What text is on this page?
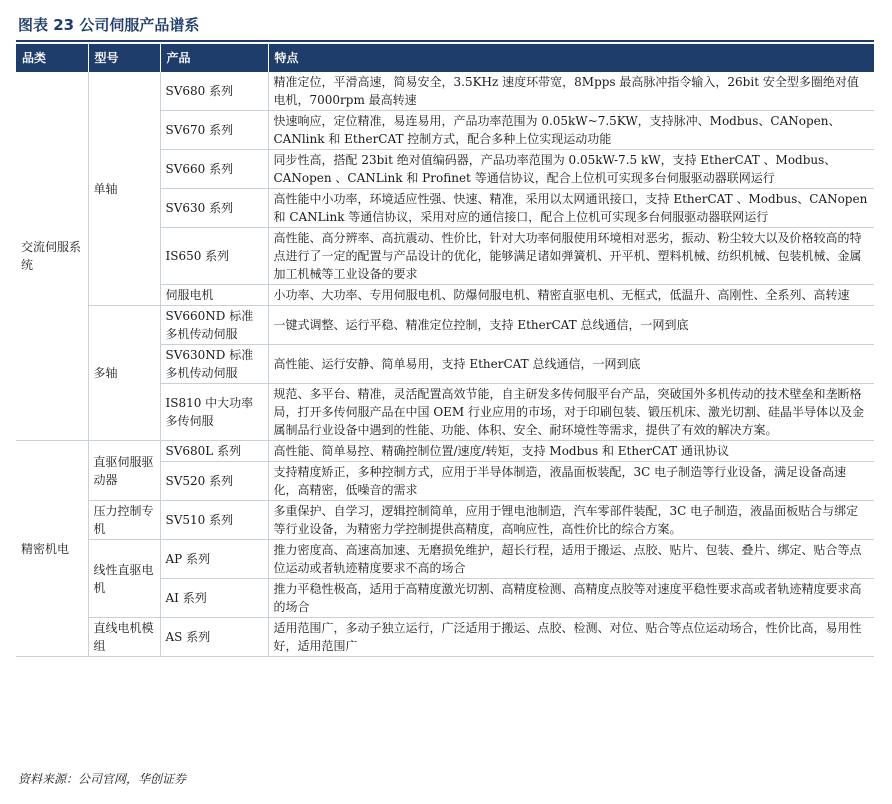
图表 23 公司伺服产品谱系
品类	型号	产品	特点
交流伺服系统	单轴	SV680 系列	精准定位，平滑高速，简易安全，3.5KHz 速度环带宽，8Mpps 最高脉冲指令输入，26bit 安全型多圈绝对值电机，7000rpm 最高转速
		SV670 系列	快速响应，定位精准，易连易用，产品功率范围为 0.05kW~7.5KW，支持脉冲、Modbus、CANopen、CANlink 和 EtherCAT 控制方式，配合多种上位实现运动功能
		SV660 系列	同步性高，搭配 23bit 绝对值编码器，产品功率范围为 0.05kW-7.5 kW，支持 EtherCAT 、Modbus、CANopen 、CANLink 和 Profinet 等通信协议，配合上位机可实现多台伺服驱动器联网运行
		SV630 系列	高性能中小功率，环境适应性强、快速、精准，采用以太网通讯接口，支持 EtherCAT 、Modbus、CANopen 和 CANLink 等通信协议，采用对应的通信接口，配合上位机可实现多台伺服驱动器联网运行
		IS650 系列	高性能、高分辨率、高抗震动、性价比，针对大功率伺服使用环境相对恶劣，振动、粉尘较大以及价格较高的特点进行了一定的配置与产品设计的优化，能够满足诸如弹簧机、开平机、塑料机械、纺织机械、包装机械、金属加工机械等工业设备的要求
		伺服电机	小功率、大功率、专用伺服电机、防爆伺服电机、精密直驱电机、无框式，低温升、高刚性、全系列、高转速
	多轴	SV660ND 标准多机传动伺服	一键式调整、运行平稳、精准定位控制，支持 EtherCAT 总线通信，一网到底
		SV630ND 标准多机传动伺服	高性能、运行安静、简单易用，支持 EtherCAT 总线通信，一网到底
		IS810 中大功率多传伺服	规范、多平台、精准，灵活配置高效节能，自主研发多传伺服平台产品，突破国外多机传动的技术壁垒和垄断格局，打开多传伺服产品在中国 OEM 行业应用的市场，对于印刷包装、锻压机床、激光切割、硅晶半导体以及金属制品行业设备中遇到的性能、功能、体积、安全、耐环境性等需求，提供了有效的解决方案。
精密机电	直驱伺服驱动器	SV680L 系列	高性能、简单易控、精确控制位置/速度/转矩，支持 Modbus 和 EtherCAT 通讯协议
		SV520 系列	支持精度矫正，多种控制方式，应用于半导体制造，液晶面板装配，3C 电子制造等行业设备，满足设备高速化，高精密，低噪音的需求
	压力控制专机	SV510 系列	多重保护、自学习，逻辑控制简单，应用于锂电池制造，汽车零部件装配，3C 电子制造，液晶面板贴合与绑定等行业设备，为精密力学控制提供高精度，高响应性，高性价比的综合方案。
	线性直驱电机	AP 系列	推力密度高、高速高加速、无磨损免维护，超长行程，适用于搬运、点胶、贴片、包装、叠片、绑定、贴合等点位运动或者轨迹精度要求不高的场合
		AI 系列	推力平稳性极高，适用于高精度激光切割、高精度检测、高精度点胶等对速度平稳性要求高或者轨迹精度要求高的场合
	直线电机模组	AS 系列	适用范围广，多动子独立运行，广泛适用于搬运、点胶、检测、对位、贴合等点位运动场合，性价比高，易用性好，适用范围广
资料来源：公司官网，华创证券
